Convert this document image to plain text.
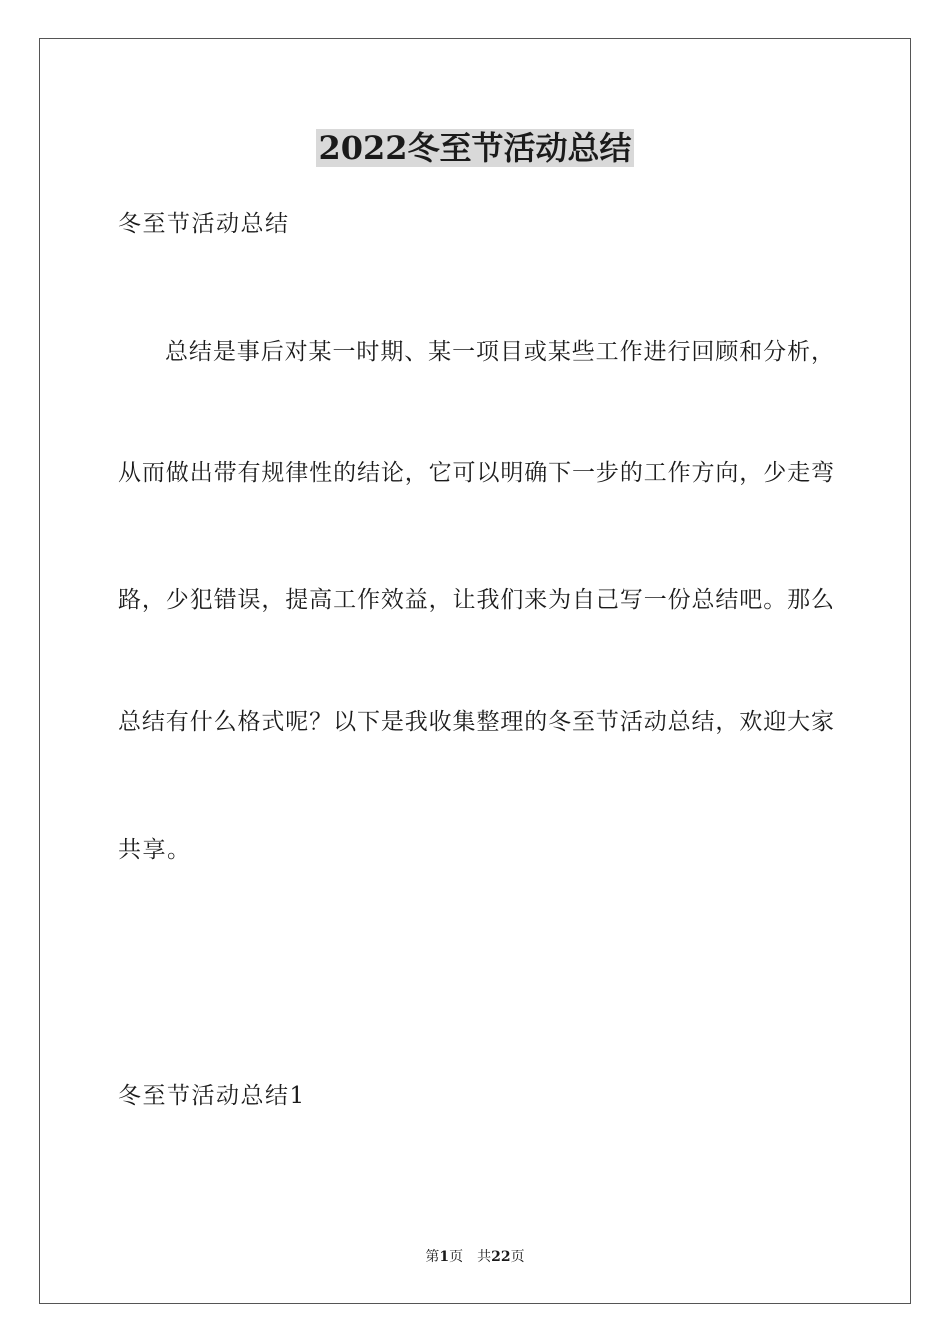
2022冬至节活动总结

冬至节活动总结

总结是事后对某一时期、某一项目或某些工作进行回顾和分析，

从而做出带有规律性的结论，它可以明确下一步的工作方向，少走弯

路，少犯错误，提高工作效益，让我们来为自己写一份总结吧。那么

总结有什么格式呢？以下是我收集整理的冬至节活动总结，欢迎大家

共享。

冬至节活动总结1

第1页　共22页
